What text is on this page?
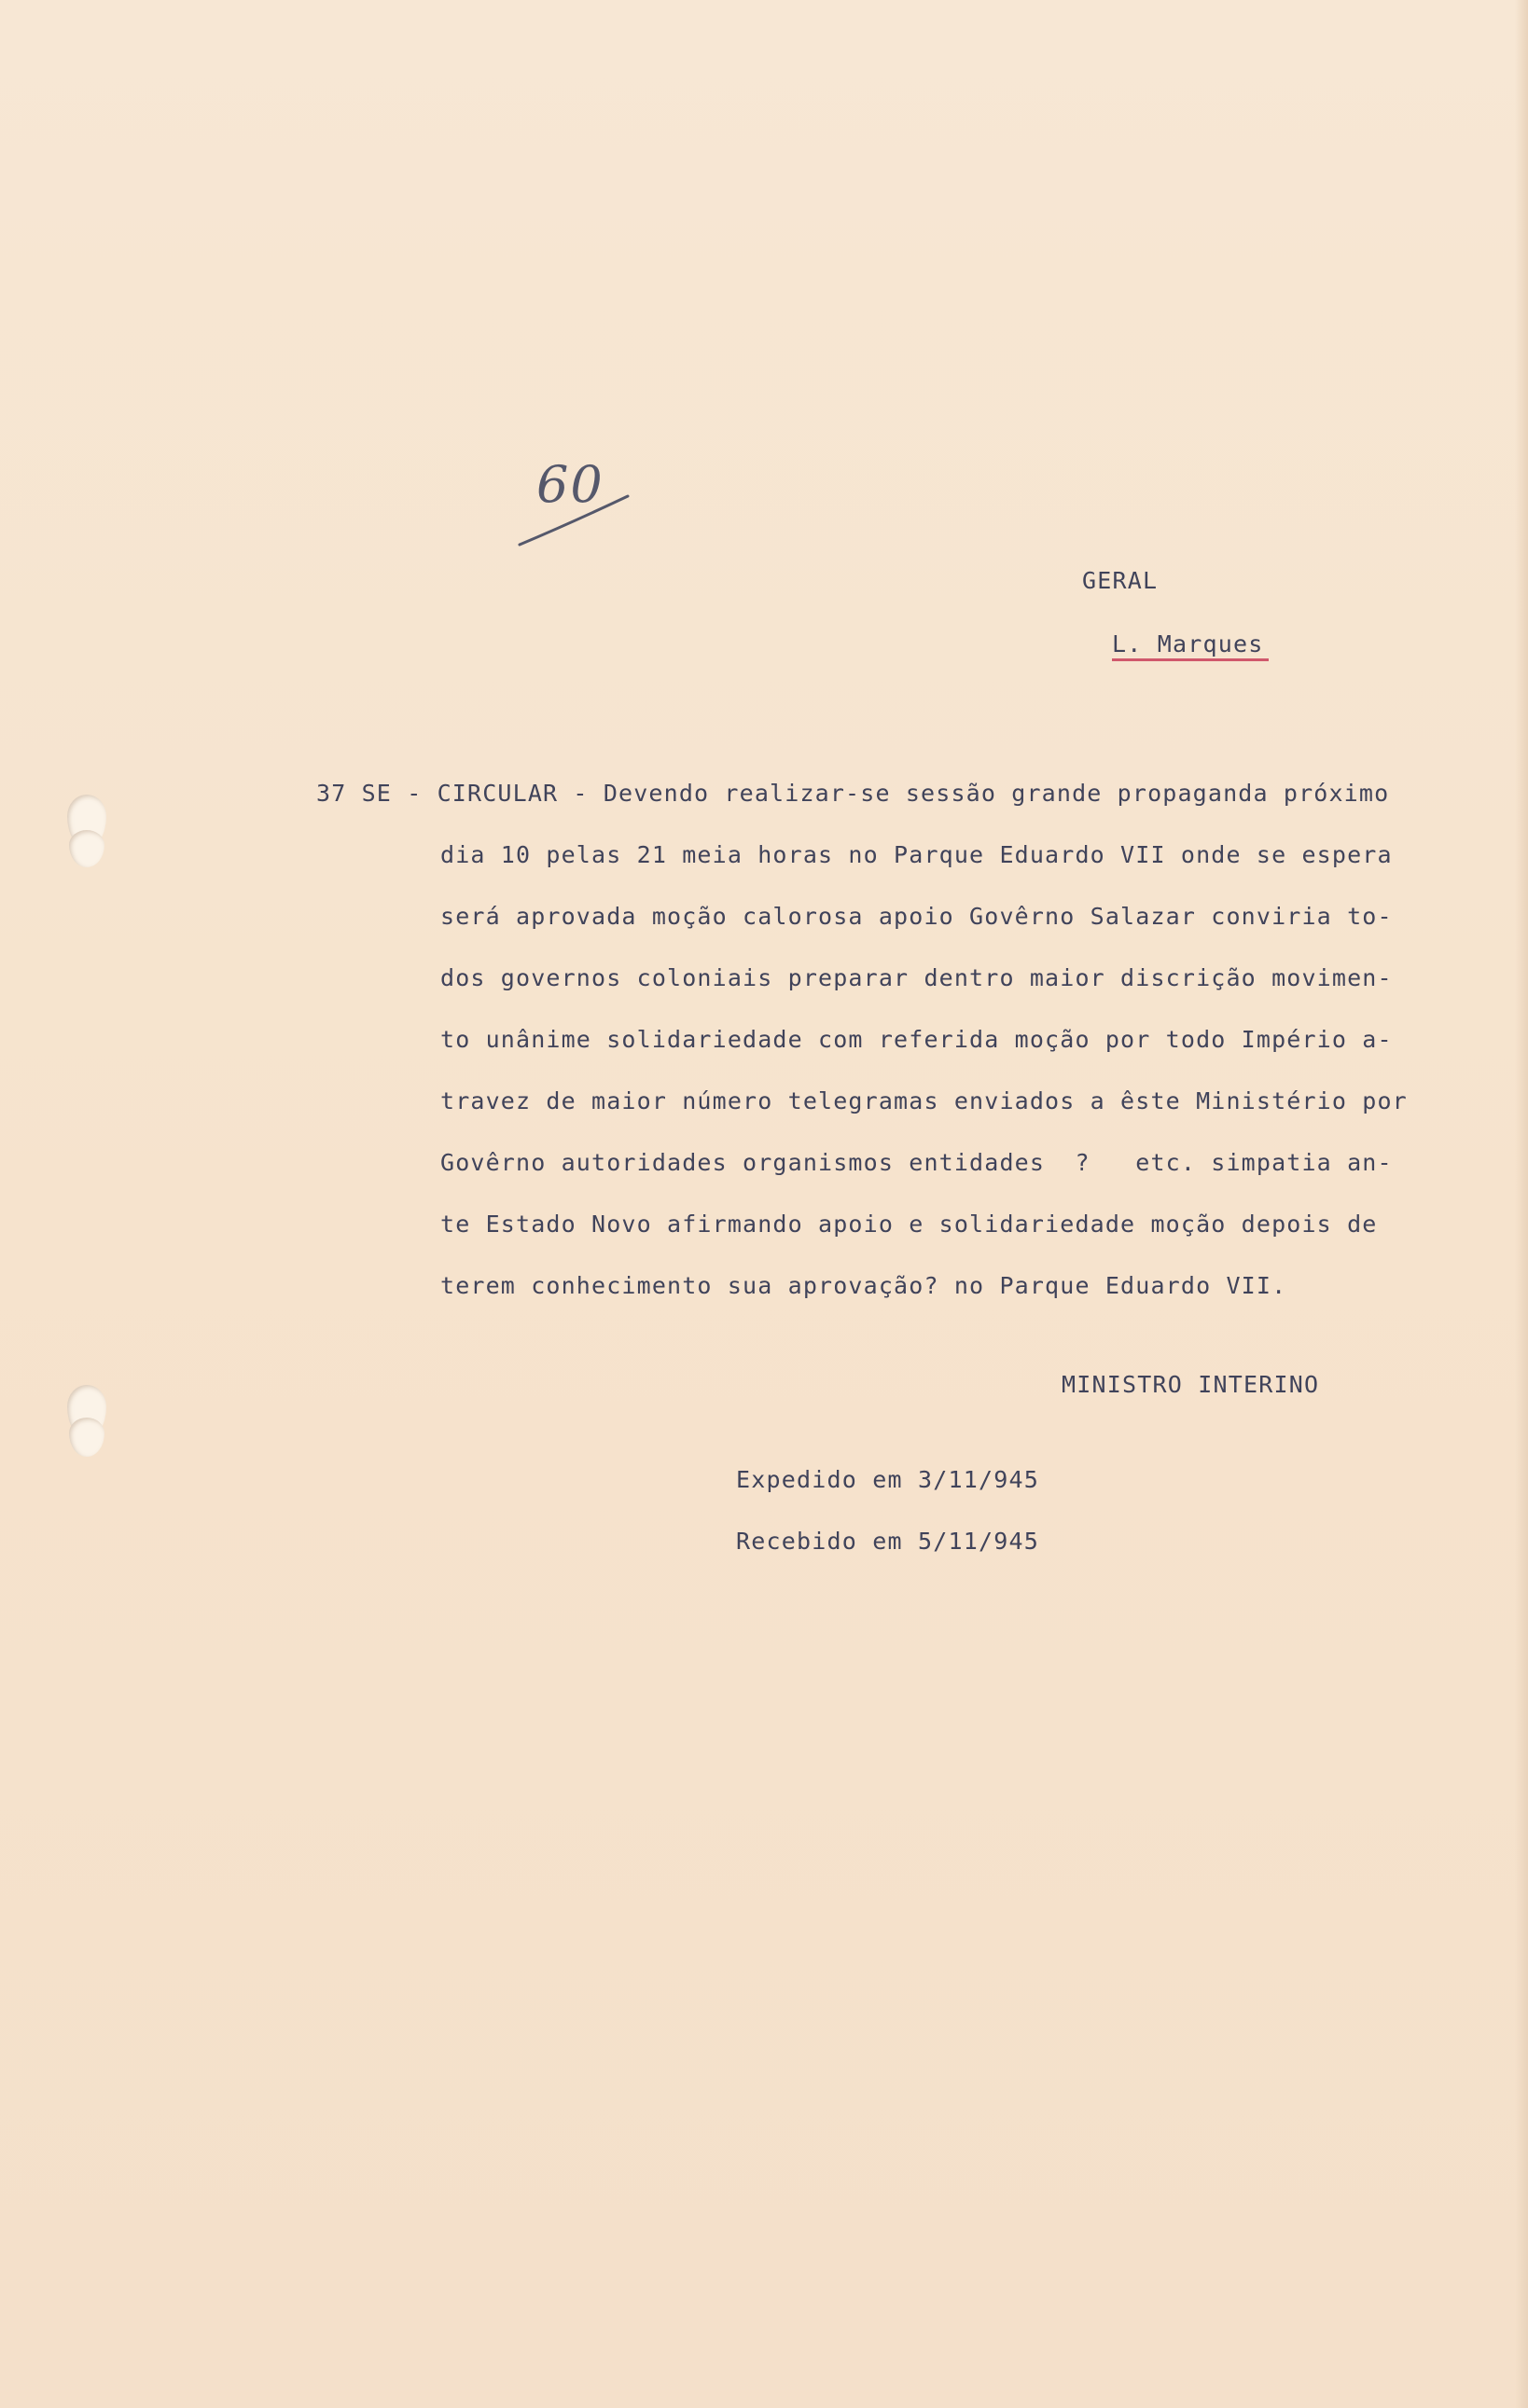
60
GERAL
L. Marques
37 SE - CIRCULAR - Devendo realizar-se sessão grande propaganda próximo
dia 10 pelas 21 meia horas no Parque Eduardo VII onde se espera
será aprovada moção calorosa apoio Govêrno Salazar conviria to-
dos governos coloniais preparar dentro maior discrição movimen-
to unânime solidariedade com referida moção por todo Império a-
travez de maior número telegramas enviados a êste Ministério por
Govêrno autoridades organismos entidades  ?   etc. simpatia an-
te Estado Novo afirmando apoio e solidariedade moção depois de
terem conhecimento sua aprovação? no Parque Eduardo VII.
MINISTRO INTERINO
Expedido em 3/11/945
Recebido em 5/11/945
